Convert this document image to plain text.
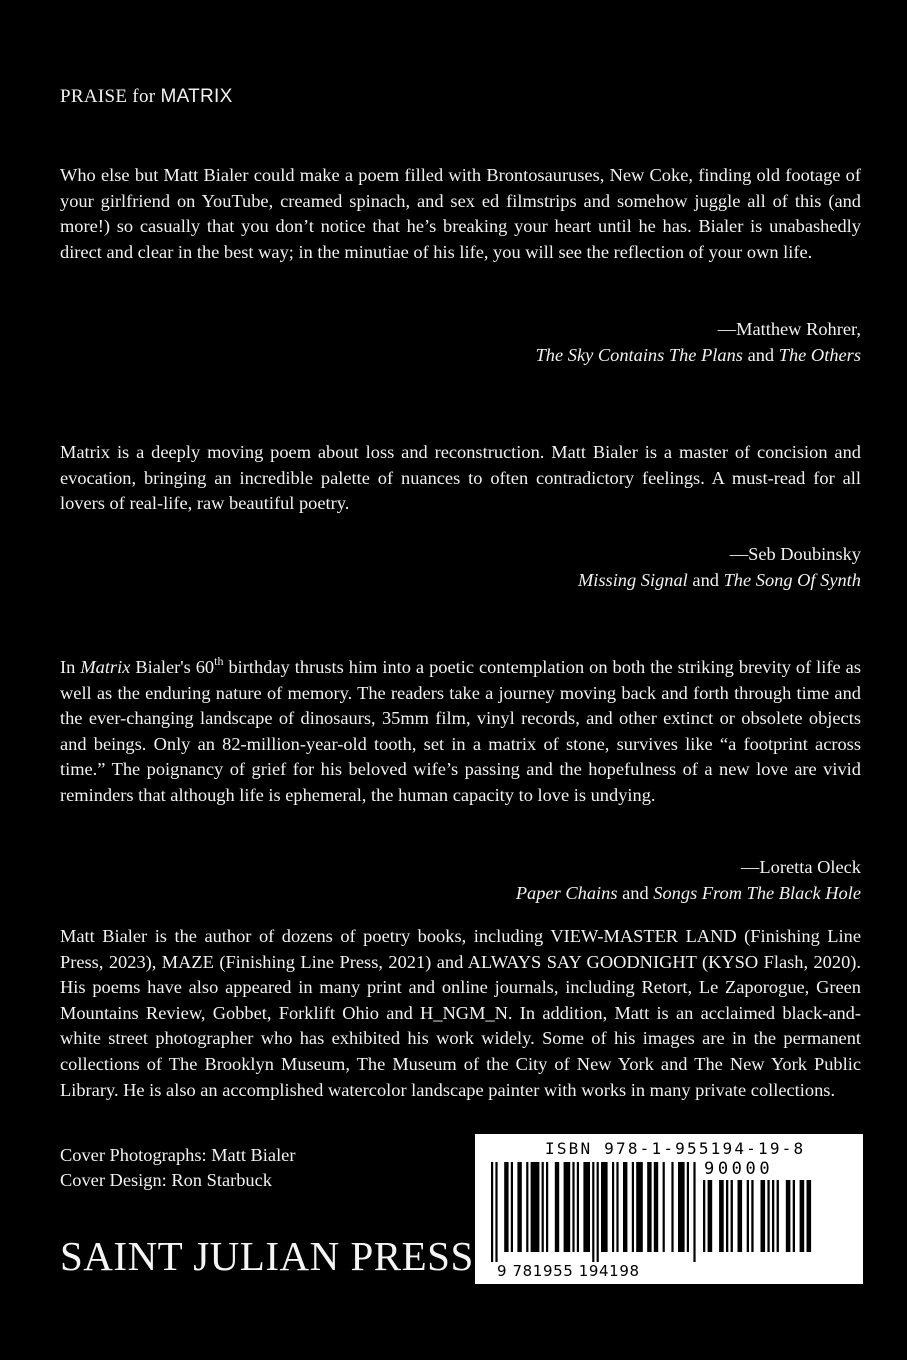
PRAISE for MATRIX
Who else but Matt Bialer could make a poem filled with Brontosauruses, New Coke, finding old footage of your girlfriend on YouTube, creamed spinach, and sex ed filmstrips and somehow juggle all of this (and more!) so casually that you don’t notice that he’s breaking your heart until he has. Bialer is unabashedly direct and clear in the best way; in the minutiae of his life, you will see the reflection of your own life.
—Matthew Rohrer,
The Sky Contains The Plans and The Others
Matrix is a deeply moving poem about loss and reconstruction. Matt Bialer is a master of concision and evocation, bringing an incredible palette of nuances to often contradictory feelings. A must-read for all lovers of real-life, raw beautiful poetry.
—Seb Doubinsky
Missing Signal and The Song Of Synth
In Matrix Bialer's 60th birthday thrusts him into a poetic contemplation on both the striking brevity of life as well as the enduring nature of memory. The readers take a journey moving back and forth through time and the ever-changing landscape of dinosaurs, 35mm film, vinyl records, and other extinct or obsolete objects and beings. Only an 82-million-year-old tooth, set in a matrix of stone, survives like “a footprint across time.” The poignancy of grief for his beloved wife’s passing and the hopefulness of a new love are vivid reminders that although life is ephemeral, the human capacity to love is undying.
—Loretta Oleck
Paper Chains and Songs From The Black Hole
Matt Bialer is the author of dozens of poetry books, including VIEW-MASTER LAND (Finishing Line Press, 2023), MAZE (Finishing Line Press, 2021) and ALWAYS SAY GOODNIGHT (KYSO Flash, 2020). His poems have also appeared in many print and online journals, including Retort, Le Zaporogue, Green Mountains Review, Gobbet, Forklift Ohio and H_NGM_N. In addition, Matt is an acclaimed black-and-white street photographer who has exhibited his work widely. Some of his images are in the permanent collections of The Brooklyn Museum, The Museum of the City of New York and The New York Public Library. He is also an accomplished watercolor landscape painter with works in many private collections.
Cover Photographs: Matt Bialer
Cover Design: Ron Starbuck
SAINT JULIAN PRESS
ISBN 978-1-955194-19-8
90000
9 781955 194198
